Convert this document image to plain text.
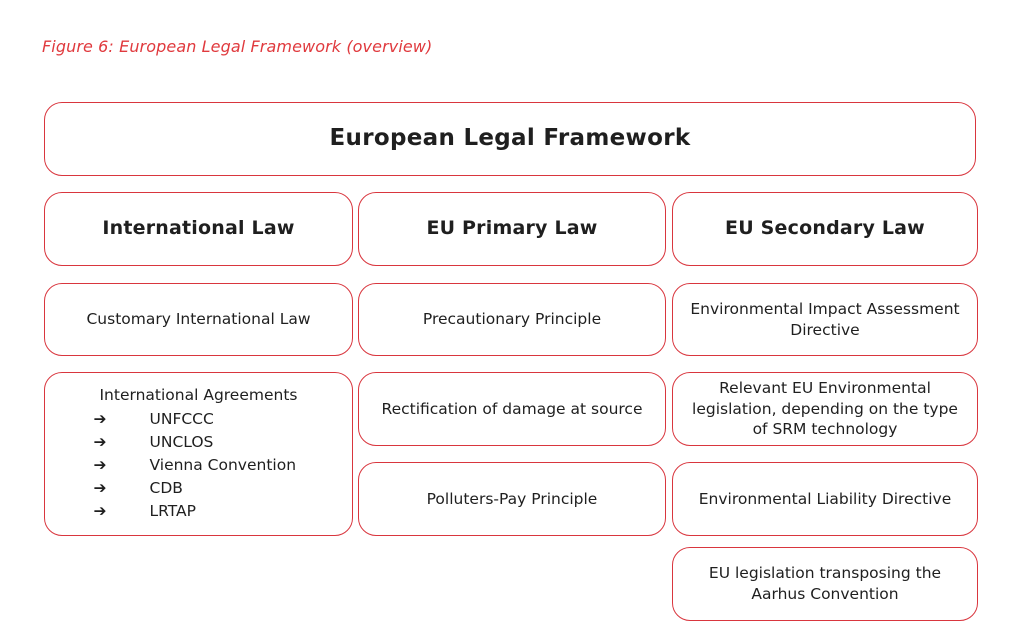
Figure 6: European Legal Framework (overview)
European Legal Framework
International Law
Customary International Law
International Agreements
➔	UNFCCC
➔	UNCLOS
➔	Vienna Convention
➔	CDB
➔	LRTAP
EU Primary Law
Precautionary Principle
Rectification of damage at source
Polluters-Pay Principle
EU Secondary Law
Environmental Impact Assessment Directive
Relevant EU Environmental legislation, depending on the type of SRM technology
Environmental Liability Directive
EU legislation transposing the Aarhus Convention
